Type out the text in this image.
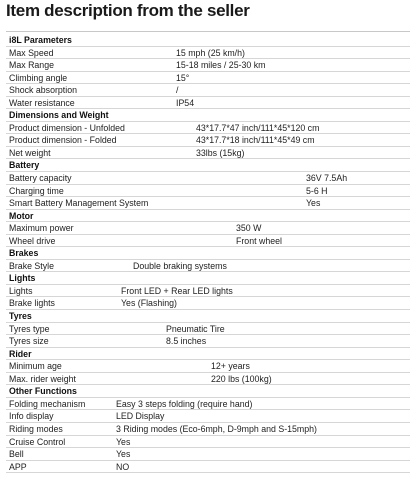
Item description from the seller
i8L Parameters
Max Speed	15 mph (25 km/h)
Max Range	15-18 miles / 25-30 km
Climbing angle	15°
Shock absorption	/
Water resistance	IP54
Dimensions and Weight
Product dimension - Unfolded	43*17.7*47 inch/111*45*120 cm
Product dimension - Folded	43*17.7*18 inch/111*45*49 cm
Net weight	33lbs (15kg)
Battery
Battery capacity	36V 7.5Ah
Charging time	5-6 H
Smart Battery Management System	Yes
Motor
Maximum power	350 W
Wheel drive	Front wheel
Brakes
Brake Style	Double braking systems
Lights
Lights	Front LED + Rear LED lights
Brake lights	Yes (Flashing)
Tyres
Tyres type	Pneumatic Tire
Tyres size	8.5 inches
Rider
Minimum age	12+ years
Max. rider weight	220 lbs (100kg)
Other Functions
Folding mechanism	Easy 3 steps folding (require hand)
Info display	LED Display
Riding modes	3 Riding modes (Eco-6mph, D-9mph and S-15mph)
Cruise Control	Yes
Bell	Yes
APP	NO
